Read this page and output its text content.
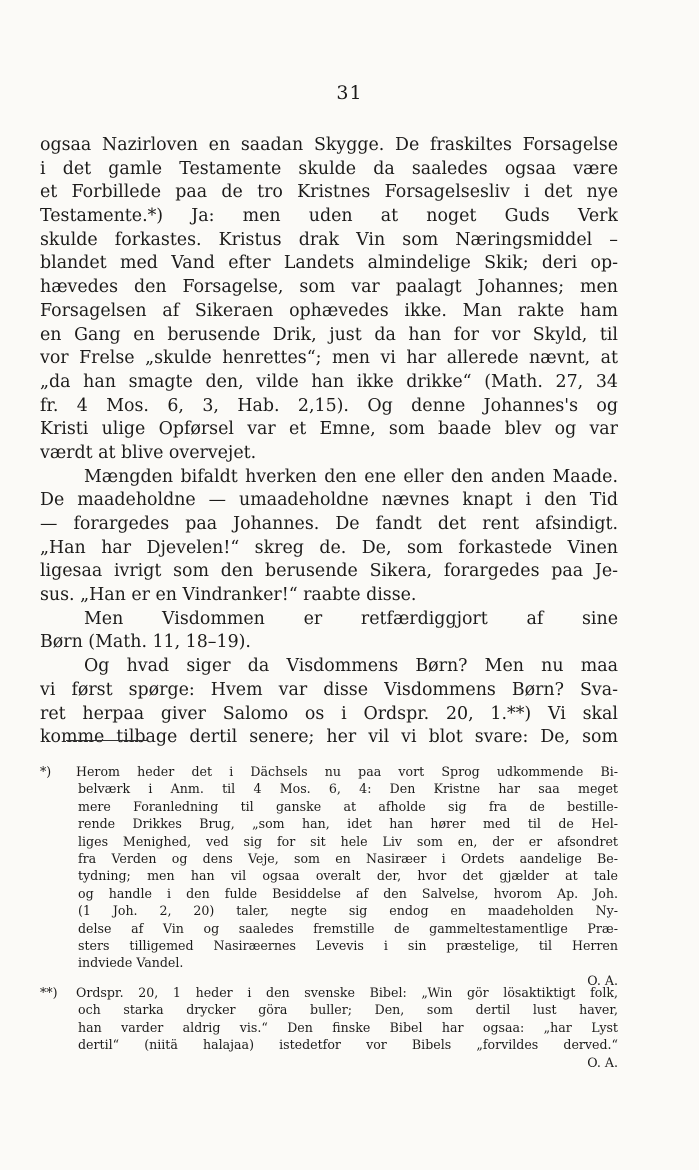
31
ogsaa Nazirloven en saadan Skygge. De fraskiltes Forsagelse
i det gamle Testamente skulde da saaledes ogsaa være
et Forbillede paa de tro Kristnes Forsagelsesliv i det nye
Testamente.*) Ja: men uden at noget Guds Verk
skulde forkastes. Kristus drak Vin som Næringsmiddel –
blandet med Vand efter Landets almindelige Skik; deri op-
hævedes den Forsagelse, som var paalagt Johannes; men
Forsagelsen af Sikeraen ophævedes ikke. Man rakte ham
en Gang en berusende Drik, just da han for vor Skyld, til
vor Frelse „skulde henrettes“; men vi har allerede nævnt, at
„da han smagte den, vilde han ikke drikke“ (Math. 27, 34
fr. 4 Mos. 6, 3, Hab. 2,15). Og denne Johannes's og
Kristi ulige Opførsel var et Emne, som baade blev og var
værdt at blive overvejet.
Mængden bifaldt hverken den ene eller den anden Maade.
De maadeholdne — umaadeholdne nævnes knapt i den Tid
— forargedes paa Johannes. De fandt det rent afsindigt.
„Han har Djevelen!“ skreg de. De, som forkastede Vinen
ligesaa ivrigt som den berusende Sikera, forargedes paa Je-
sus. „Han er en Vindranker!“ raabte disse.
Men Visdommen er retfærdiggjort af sine
Børn (Math. 11, 18–19).
Og hvad siger da Visdommens Børn? Men nu maa
vi først spørge: Hvem var disse Visdommens Børn? Sva-
ret herpaa giver Salomo os i Ordspr. 20, 1.**) Vi skal
komme tilbage dertil senere; her vil vi blot svare: De, som
*) Herom heder det i Dächsels nu paa vort Sprog udkommende Bi-
belværk i Anm. til 4 Mos. 6, 4: Den Kristne har saa meget
mere Foranledning til ganske at afholde sig fra de bestille-
rende Drikkes Brug, „som han, idet han hører med til de Hel-
liges Menighed, ved sig for sit hele Liv som en, der er afsondret
fra Verden og dens Veje, som en Nasiræer i Ordets aandelige Be-
tydning; men han vil ogsaa overalt der, hvor det gjælder at tale
og handle i den fulde Besiddelse af den Salvelse, hvorom Ap. Joh.
(1 Joh. 2, 20) taler, negte sig endog en maadeholden Ny-
delse af Vin og saaledes fremstille de gammeltestamentlige Præ-
sters tilligemed Nasiræernes Levevis i sin præstelige, til Herren
indviede Vandel.
O. A.
**) Ordspr. 20, 1 heder i den svenske Bibel: „Win gör lösaktiktigt folk,
och starka drycker göra buller; Den, som dertil lust haver,
han varder aldrig vis.“ Den finske Bibel har ogsaa: „har Lyst
dertil“ (niitä halajaa) istedetfor vor Bibels „forvildes derved.“
O. A.
